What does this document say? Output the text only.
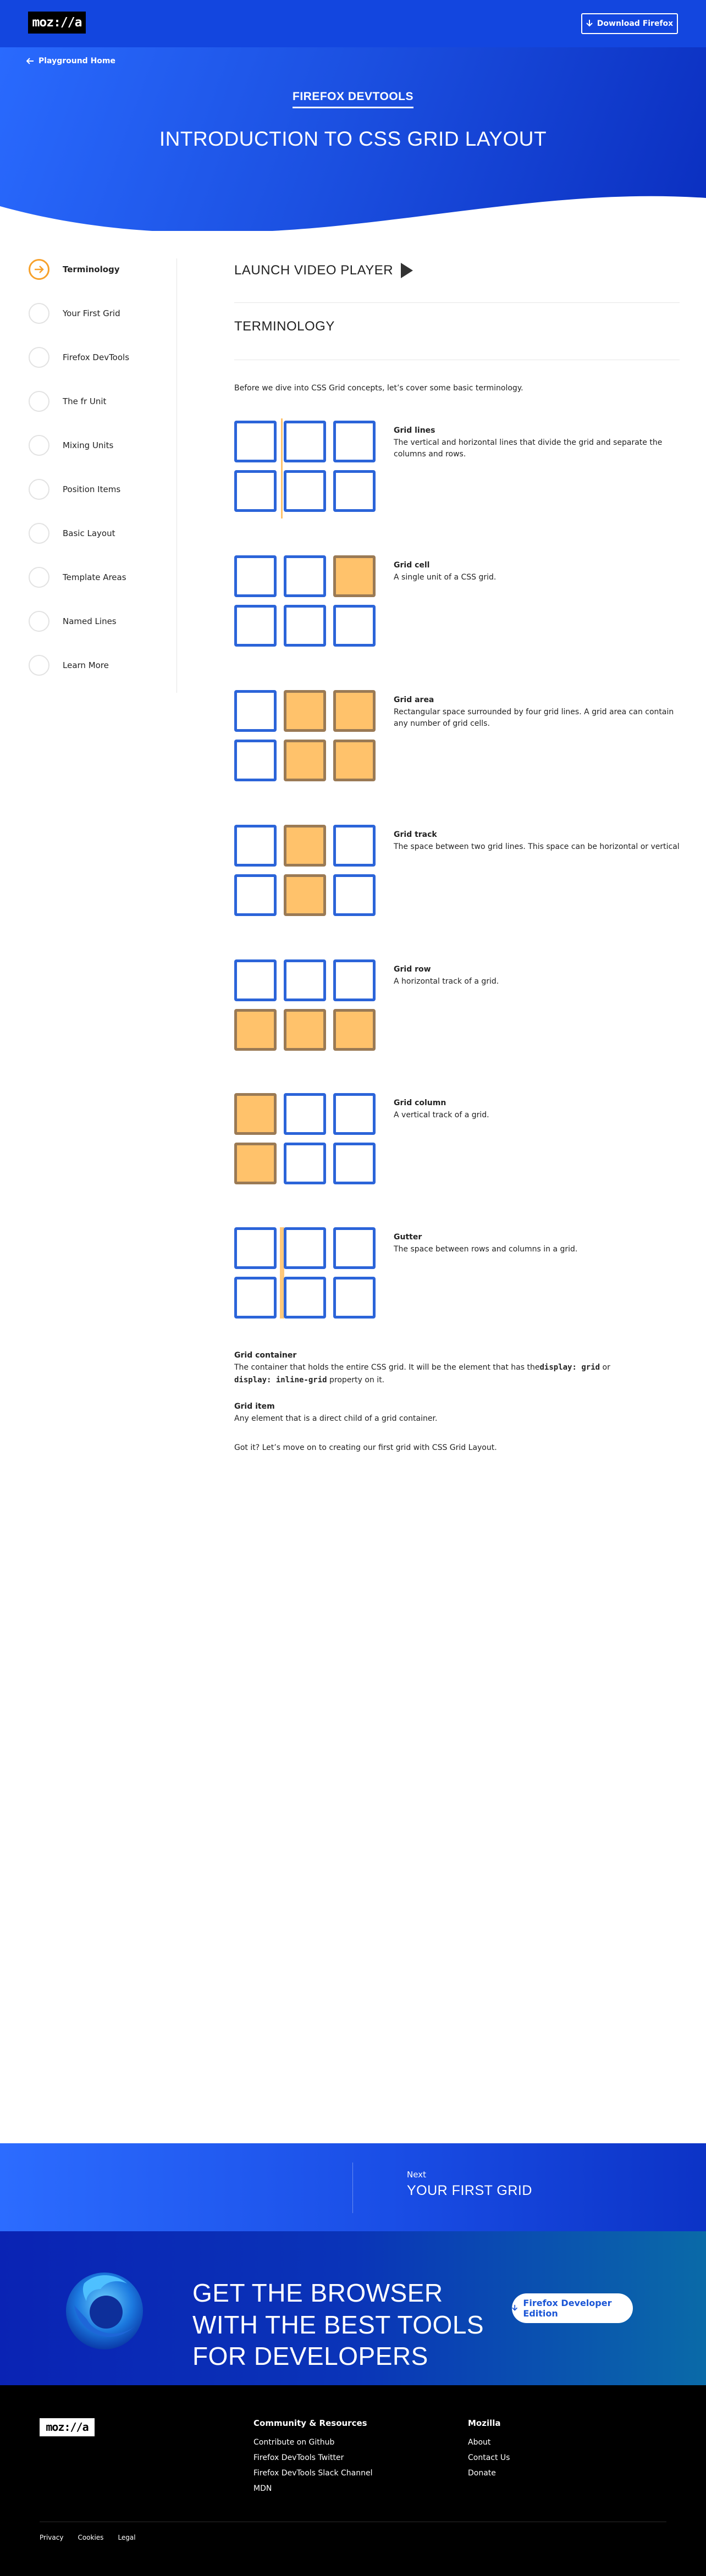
moz://a	Download Firefox
Playground Home
FIREFOX DEVTOOLS
INTRODUCTION TO CSS GRID LAYOUT
Terminology
Your First Grid
Firefox DevTools
The fr Unit
Mixing Units
Position Items
Basic Layout
Template Areas
Named Lines
Learn More
LAUNCH VIDEO PLAYER
TERMINOLOGY
Before we dive into CSS Grid concepts, let’s cover some basic terminology.
Grid lines
The vertical and horizontal lines that divide the grid and separate the columns and rows.
Grid cell
A single unit of a CSS grid.
Grid area
Rectangular space surrounded by four grid lines. A grid area can contain any number of grid cells.
Grid track
The space between two grid lines. This space can be horizontal or vertical
Grid row
A horizontal track of a grid.
Grid column
A vertical track of a grid.
Gutter
The space between rows and columns in a grid.
Grid container
The container that holds the entire CSS grid. It will be the element that has thedisplay: grid or
display: inline-grid property on it.
Grid item
Any element that is a direct child of a grid container.
Got it? Let’s move on to creating our first grid with CSS Grid Layout.
Next
YOUR FIRST GRID
GET THE BROWSER WITH THE BEST TOOLS FOR DEVELOPERS
Firefox Developer Edition
moz://a	Community & Resources
Contribute on Github
Firefox DevTools Twitter
Firefox DevTools Slack Channel
MDN
Mozilla
About
Contact Us
Donate
Privacy Cookies Legal
